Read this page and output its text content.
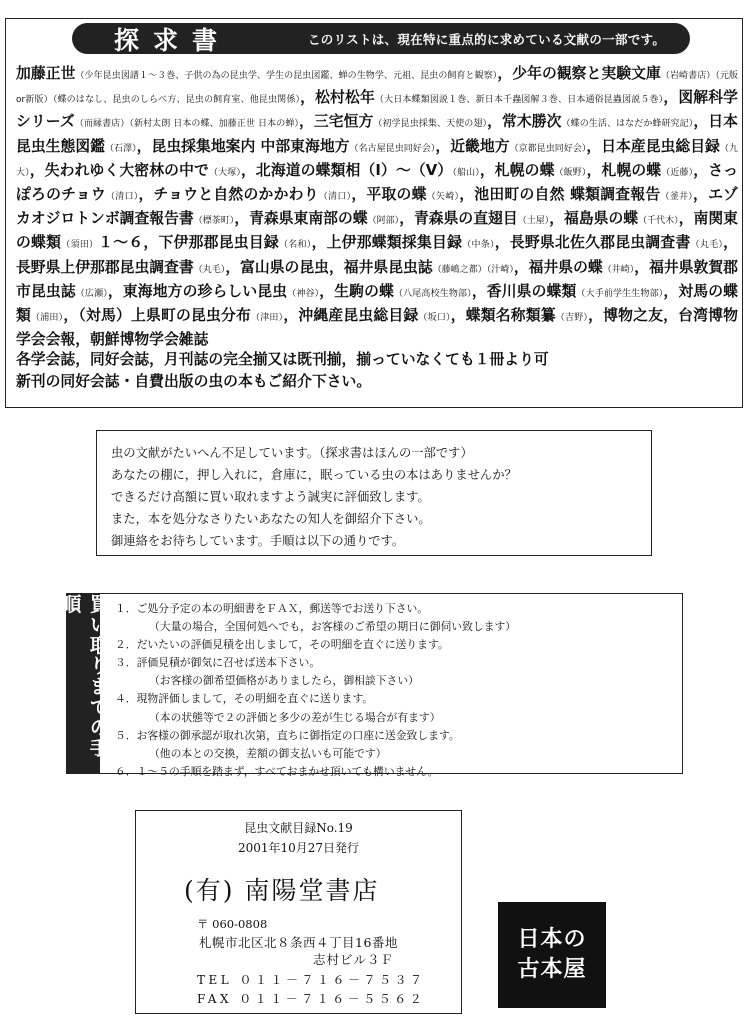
探求書	このリストは、現在特に重点的に求めている文献の一部です。

加藤正世（少年昆虫図譜１～３巻、子供の為の昆虫学、学生の昆虫図鑑、蝉の生物学、元祖、昆虫の飼育と観察），少年の観察と実験文庫（岩崎書店）（元版or新版）（蝶のはなし、昆虫のしらべ方、昆虫の飼育室、他昆虫関係），松村松年（大日本蝶類図説１巻、新日本千蟲図解３巻、日本通俗昆蟲図説５巻），図解科学シリーズ（而縁書店）（新村太朗 日本の蝶、加藤正世 日本の蝉），三宅恒方（初学昆虫採集、天使の翅），常木勝次（蝶の生活、はなだか蜂研究記），日本昆虫生態図鑑（石澤），昆虫採集地案内 中部東海地方（名古屋昆虫同好会），近畿地方（京都昆虫同好会），日本産昆虫総目録（九大），失われゆく大密林の中で（大塚），北海道の蝶類相（Ⅰ）～（Ⅴ）（船山），札幌の蝶（飯野），札幌の蝶（近藤），さっぽろのチョウ（清口），チョウと自然のかかわり（清口），平取の蝶（矢崎），池田町の自然 蝶類調査報告（釜井），エゾカオジロトンボ調査報告書（標茶町），青森県東南部の蝶（阿部），青森県の直翅目（土屋），福島県の蝶（千代木），南関東の蝶類（須田）１～６，下伊那郡昆虫目録（名和），上伊那蝶類採集目録（中条），長野県北佐久郡昆虫調査書（丸毛），長野県上伊那郡昆虫調査書（丸毛），富山県の昆虫，福井県昆虫誌（藤嶋之都）（汁崎），福井県の蝶（井崎），福井県敦賀郡市昆虫誌（広瀬），東海地方の珍らしい昆虫（神谷），生駒の蝶（八尾高校生物部），香川県の蝶類（大手前学生生物部），対馬の蝶類（浦田），（対馬）上県町の昆虫分布（津田），沖縄産昆虫総目録（坂口），蝶類名称類纂（吉野），博物之友，台湾博物学会会報，朝鮮博物学会雑誌

各学会誌，同好会誌，月刊誌の完全揃又は既刊揃，揃っていなくても１冊より可
新刊の同好会誌・自費出版の虫の本もご紹介下さい。
虫の文献がたいへん不足しています。（探求書はほんの一部です）
あなたの棚に，押し入れに，倉庫に，眠っている虫の本はありませんか？
できるだけ高額に買い取れますよう誠実に評価致します。
また，本を処分なさりたいあなたの知人を御紹介下さい。
御連絡をお待ちしています。手順は以下の通りです。
買い取りまでの手順	１．ご処分予定の本の明細書をＦＡＸ，郵送等でお送り下さい。
（大量の場合，全国何処へでも，お客様のご希望の期日に御伺い致します）
２．だいたいの評価見積を出しまして，その明細を直ぐに送ります。
３．評価見積が御気に召せば送本下さい。
（お客様の御希望価格がありましたら，御相談下さい）
４．現物評価しまして，その明細を直ぐに送ります。
（本の状態等で２の評価と多少の差が生じる場合が有ます）
５．お客様の御承認が取れ次第，直ちに御指定の口座に送金致します。
（他の本との交換，差額の御支払いも可能です）
６．１～５の手順を踏まず，すべておまかせ頂いても構いません。
昆虫文献目録No.19
2001年10月27日発行
(有) 南陽堂書店
〒 060-0808
札幌市北区北８条西４丁目16番地
志村ビル３Ｆ
TEL ０１１－７１６－７５３７
FAX ０１１－７１６－５５６２
日本の
古本屋
